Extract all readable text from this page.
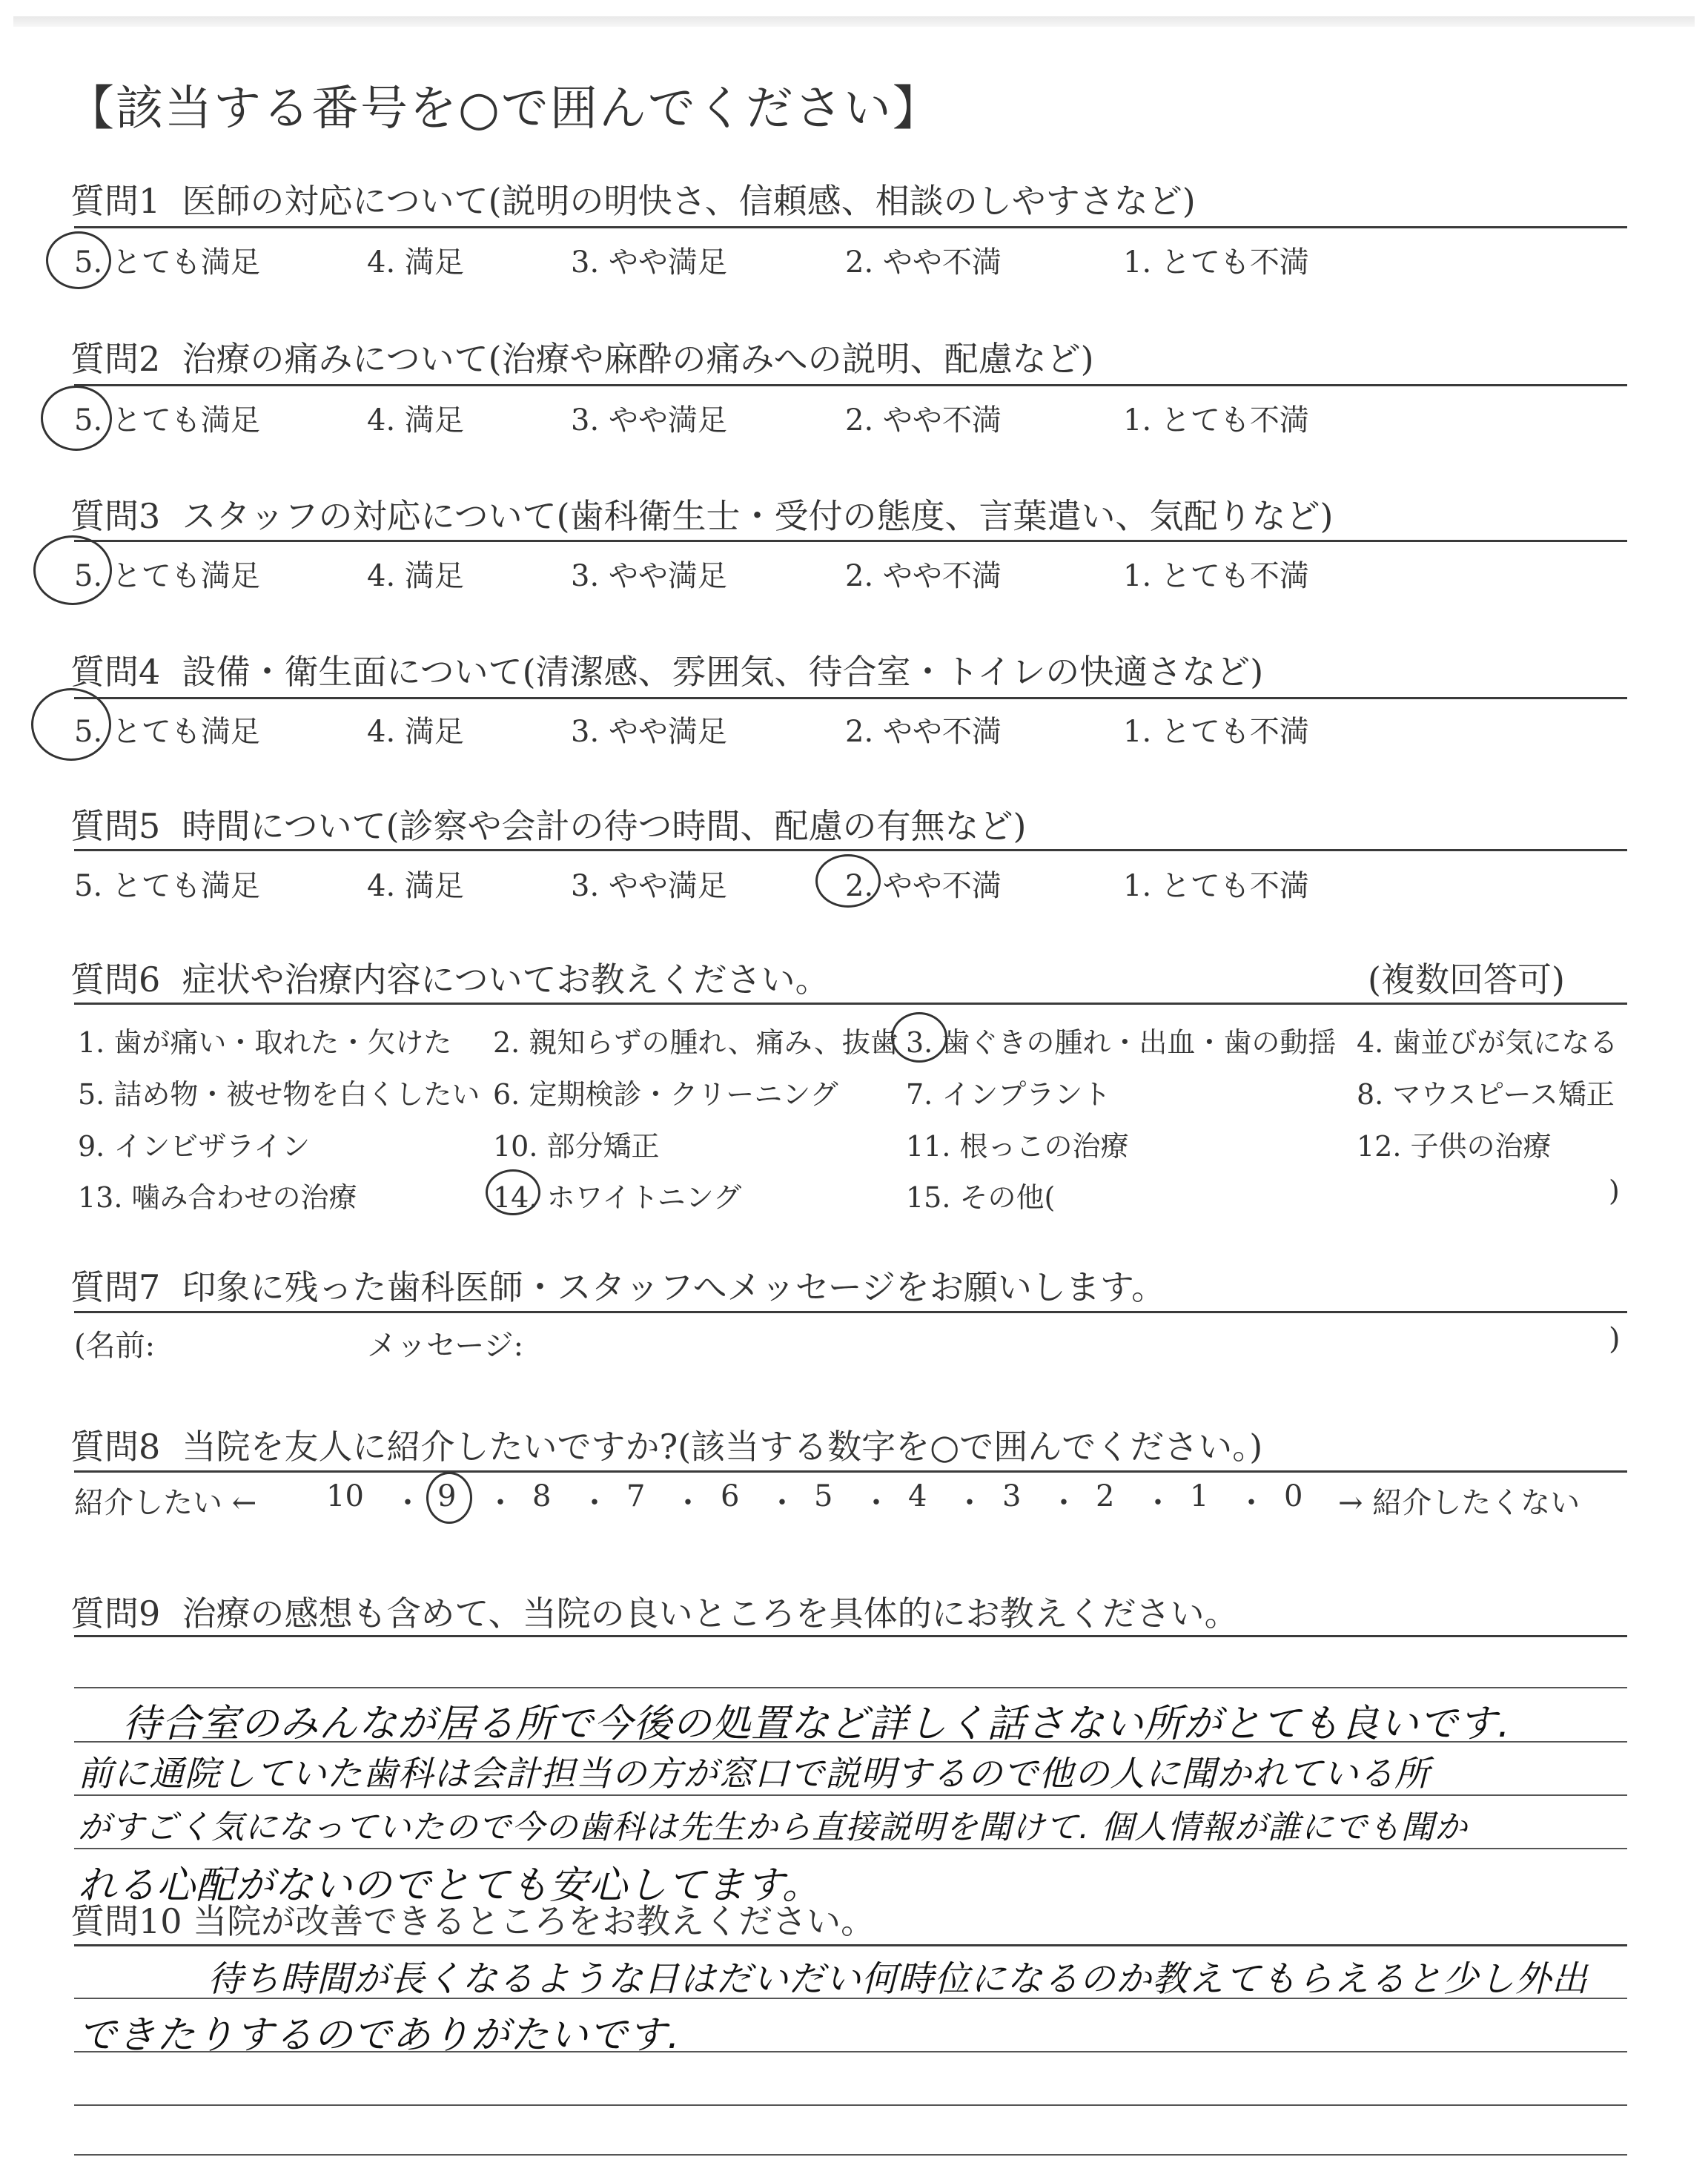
【該当する番号を○で囲んでください】
質問1 医師の対応について(説明の明快さ、信頼感、相談のしやすさなど)
5. とても満足	4. 満足	3. やや満足	2. やや不満	1. とても不満
質問2 治療の痛みについて(治療や麻酔の痛みへの説明、配慮など)
5. とても満足	4. 満足	3. やや満足	2. やや不満	1. とても不満
質問3 スタッフの対応について(歯科衛生士・受付の態度、言葉遣い、気配りなど)
5. とても満足	4. 満足	3. やや満足	2. やや不満	1. とても不満
質問4 設備・衛生面について(清潔感、雰囲気、待合室・トイレの快適さなど)
5. とても満足	4. 満足	3. やや満足	2. やや不満	1. とても不満
質問5 時間について(診察や会計の待つ時間、配慮の有無など)
5. とても満足	4. 満足	3. やや満足	2. やや不満	1. とても不満
質問6 症状や治療内容についてお教えください。	(複数回答可)
1. 歯が痛い・取れた・欠けた 2. 親知らずの腫れ、痛み、抜歯 3. 歯ぐきの腫れ・出血・歯の動揺 4. 歯並びが気になる
5. 詰め物・被せ物を白くしたい 6. 定期検診・クリーニング 7. インプラント	8. マウスピース矯正
9. インビザライン	10. 部分矯正	11. 根っこの治療	12. 子供の治療
13. 噛み合わせの治療	14. ホワイトニング	15. その他(	)
質問7 印象に残った歯科医師・スタッフへメッセージをお願いします。
(名前:	メッセージ:	)
質問8 当院を友人に紹介したいですか?(該当する数字を○で囲んでください。)
紹介したい ← 10 ・ 9 ・ 8 ・ 7 ・ 6 ・ 5 ・ 4 ・ 3 ・ 2 ・ 1 ・ 0 → 紹介したくない
質問9 治療の感想も含めて、当院の良いところを具体的にお教えください。
待合室のみんなが居る所で今後の処置など詳しく話さない所がとても良いです.
前に通院していた歯科は会計担当の方が窓口で説明するので他の人に聞かれている所
がすごく気になっていたので今の歯科は先生から直接説明を聞けて. 個人情報が誰にでも聞か
れる心配がないのでとても安心してます。
質問10 当院が改善できるところをお教えください。
待ち時間が長くなるような日はだいだい何時位になるのか教えてもらえると少し外出
できたりするのでありがたいです.
